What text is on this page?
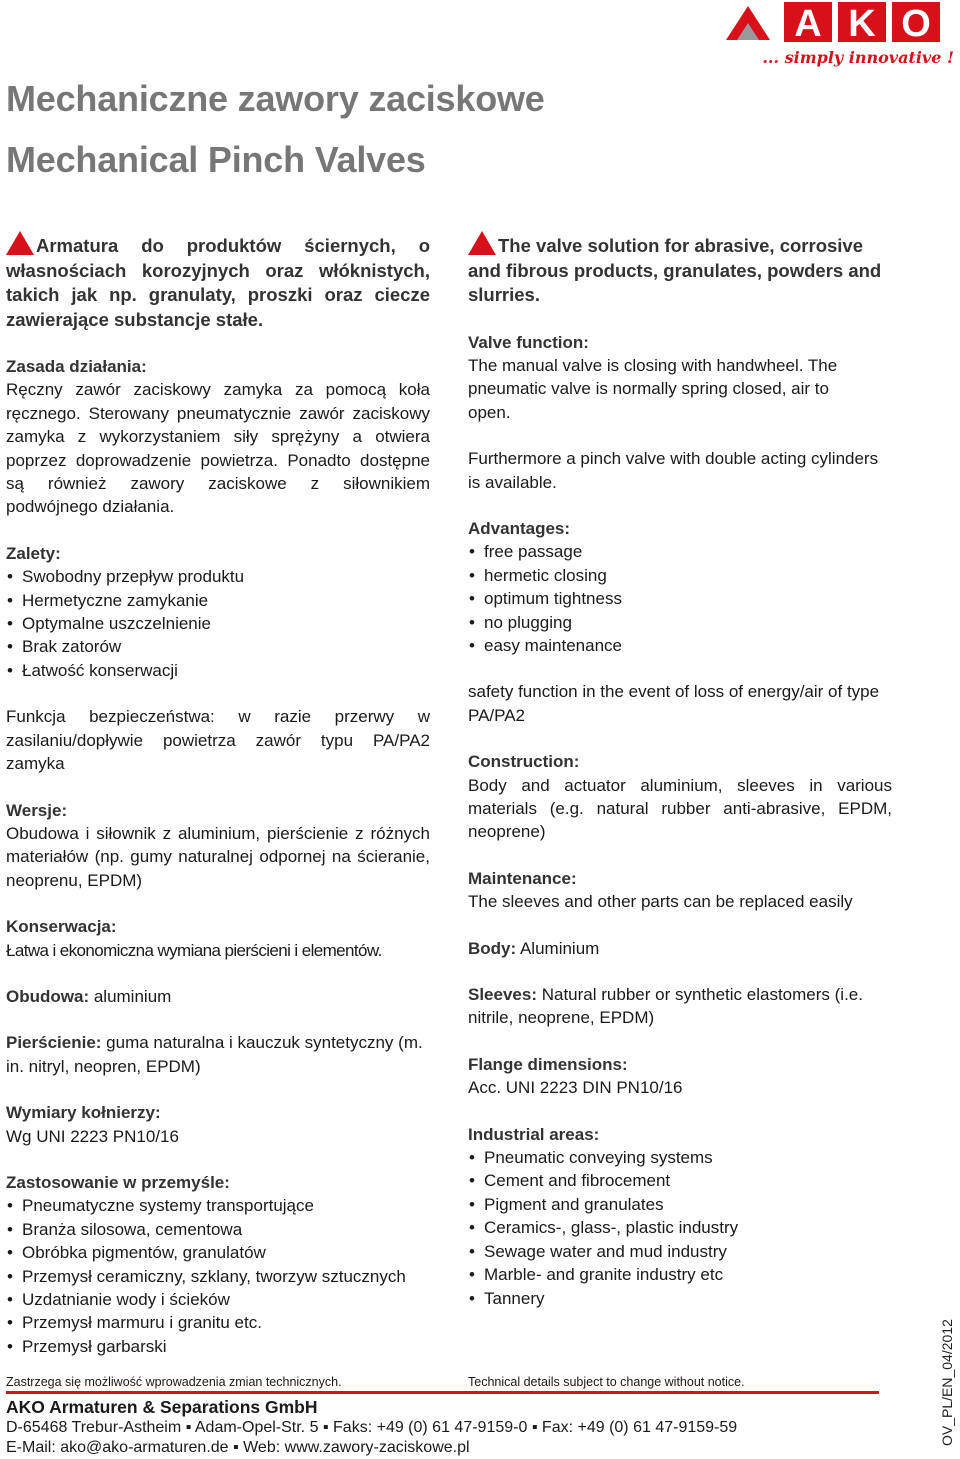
A K O
... simply innovative !
Mechaniczne zawory zaciskowe
Mechanical Pinch Valves
Armatura do produktów ściernych, o własnościach korozyjnych oraz włóknistych, takich jak np. granulaty, proszki oraz ciecze zawierające substancje stałe.
Zasada działania:
Ręczny zawór zaciskowy zamyka za pomocą koła ręcznego. Sterowany pneumatycznie zawór zaciskowy zamyka z wykorzystaniem siły sprężyny a otwiera poprzez doprowadzenie powietrza. Ponadto dostępne są również zawory zaciskowe z siłownikiem podwójnego działania.
Zalety:
• Swobodny przepływ produktu
• Hermetyczne zamykanie
• Optymalne uszczelnienie
• Brak zatorów
• Łatwość konserwacji
Funkcja bezpieczeństwa: w razie przerwy w zasilaniu/dopływie powietrza zawór typu PA/PA2 zamyka
Wersje:
Obudowa i siłownik z aluminium, pierścienie z różnych materiałów (np. gumy naturalnej odpornej na ścieranie, neoprenu, EPDM)
Konserwacja:
Łatwa i ekonomiczna wymiana pierścieni i elementów.
Obudowa: aluminium
Pierścienie: guma naturalna i kauczuk syntetyczny (m. in. nitryl, neopren, EPDM)
Wymiary kołnierzy:
Wg UNI 2223 PN10/16
Zastosowanie w przemyśle:
• Pneumatyczne systemy transportujące
• Branża silosowa, cementowa
• Obróbka pigmentów, granulatów
• Przemysł ceramiczny, szklany, tworzyw sztucznych
• Uzdatnianie wody i ścieków
• Przemysł marmuru i granitu etc.
• Przemysł garbarski
The valve solution for abrasive, corrosive and fibrous products, granulates, powders and slurries.
Valve function:
The manual valve is closing with handwheel. The pneumatic valve is normally spring closed, air to open.
Furthermore a pinch valve with double acting cylinders is available.
Advantages:
• free passage
• hermetic closing
• optimum tightness
• no plugging
• easy maintenance
safety function in the event of loss of energy/air of type PA/PA2
Construction:
Body and actuator aluminium, sleeves in various materials (e.g. natural rubber anti-abrasive, EPDM, neoprene)
Maintenance:
The sleeves and other parts can be replaced easily
Body: Aluminium
Sleeves: Natural rubber or synthetic elastomers (i.e. nitrile, neoprene, EPDM)
Flange dimensions:
Acc. UNI 2223 DIN PN10/16
Industrial areas:
• Pneumatic conveying systems
• Cement and fibrocement
• Pigment and granulates
• Ceramics-, glass-, plastic industry
• Sewage water and mud industry
• Marble- and granite industry etc
• Tannery
Zastrzega się możliwość wprowadzenia zmian technicznych.	Technical details subject to change without notice.
AKO Armaturen & Separations GmbH
D-65468 Trebur-Astheim ▪ Adam-Opel-Str. 5 ▪ Faks: +49 (0) 61 47-9159-0 ▪ Fax: +49 (0) 61 47-9159-59
E-Mail: ako@ako-armaturen.de ▪ Web: www.zawory-zaciskowe.pl
OV_PL/EN_04/2012
